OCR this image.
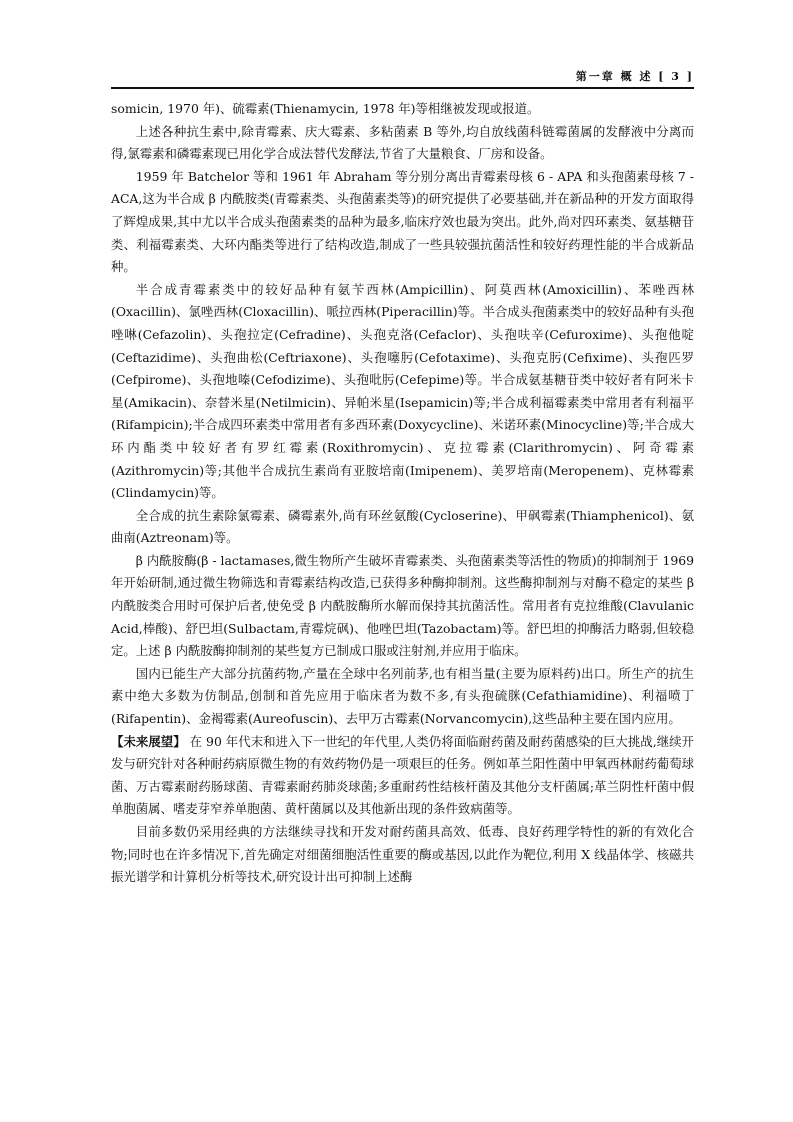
第一章 概 述 [ 3 ]

somicin, 1970 年)、硫霉素(Thienamycin, 1978 年)等相继被发现或报道。

上述各种抗生素中,除青霉素、庆大霉素、多粘菌素 B 等外,均自放线菌科链霉菌属的发酵液中分离而得,氯霉素和磷霉素现已用化学合成法替代发酵法,节省了大量粮食、厂房和设备。

1959 年 Batchelor 等和 1961 年 Abraham 等分别分离出青霉素母核 6 - APA 和头孢菌素母核 7 - ACA,这为半合成 β 内酰胺类(青霉素类、头孢菌素类等)的研究提供了必要基础,并在新品种的开发方面取得了辉煌成果,其中尤以半合成头孢菌素类的品种为最多,临床疗效也最为突出。此外,尚对四环素类、氨基糖苷类、利福霉素类、大环内酯类等进行了结构改造,制成了一些具较强抗菌活性和较好药理性能的半合成新品种。

半合成青霉素类中的较好品种有氨苄西林(Ampicillin)、阿莫西林(Amoxicillin)、苯唑西林(Oxacillin)、氯唑西林(Cloxacillin)、哌拉西林(Piperacillin)等。半合成头孢菌素类中的较好品种有头孢唑啉(Cefazolin)、头孢拉定(Cefradine)、头孢克洛(Cefaclor)、头孢呋辛(Cefuroxime)、头孢他啶(Ceftazidime)、头孢曲松(Ceftriaxone)、头孢噻肟(Cefotaxime)、头孢克肟(Cefixime)、头孢匹罗(Cefpirome)、头孢地嗪(Cefodizime)、头孢吡肟(Cefepime)等。半合成氨基糖苷类中较好者有阿米卡星(Amikacin)、奈替米星(Netilmicin)、异帕米星(Isepamicin)等;半合成利福霉素类中常用者有利福平(Rifampicin);半合成四环素类中常用者有多西环素(Doxycycline)、米诺环素(Minocycline)等;半合成大环内酯类中较好者有罗红霉素(Roxithromycin)、克拉霉素(Clarithromycin)、阿奇霉素(Azithromycin)等;其他半合成抗生素尚有亚胺培南(Imipenem)、美罗培南(Meropenem)、克林霉素(Clindamycin)等。

全合成的抗生素除氯霉素、磷霉素外,尚有环丝氨酸(Cycloserine)、甲砜霉素(Thiamphenicol)、氨曲南(Aztreonam)等。

β 内酰胺酶(β - lactamases,微生物所产生破坏青霉素类、头孢菌素类等活性的物质)的抑制剂于 1969 年开始研制,通过微生物筛选和青霉素结构改造,已获得多种酶抑制剂。这些酶抑制剂与对酶不稳定的某些 β 内酰胺类合用时可保护后者,使免受 β 内酰胺酶所水解而保持其抗菌活性。常用者有克拉维酸(Clavulanic Acid,棒酸)、舒巴坦(Sulbactam,青霉烷砜)、他唑巴坦(Tazobactam)等。舒巴坦的抑酶活力略弱,但较稳定。上述 β 内酰胺酶抑制剂的某些复方已制成口服或注射剂,并应用于临床。

国内已能生产大部分抗菌药物,产量在全球中名列前茅,也有相当量(主要为原料药)出口。所生产的抗生素中绝大多数为仿制品,创制和首先应用于临床者为数不多,有头孢硫脒(Cefathiamidine)、利福喷丁(Rifapentin)、金褐霉素(Aureofuscin)、去甲万古霉素(Norvancomycin),这些品种主要在国内应用。

【未来展望】 在 90 年代末和进入下一世纪的年代里,人类仍将面临耐药菌及耐药菌感染的巨大挑战,继续开发与研究针对各种耐药病原微生物的有效药物仍是一项艰巨的任务。例如革兰阳性菌中甲氧西林耐药葡萄球菌、万古霉素耐药肠球菌、青霉素耐药肺炎球菌;多重耐药性结核杆菌及其他分支杆菌属;革兰阴性杆菌中假单胞菌属、嗜麦芽窄养单胞菌、黄杆菌属以及其他新出现的条件致病菌等。

目前多数仍采用经典的方法继续寻找和开发对耐药菌具高效、低毒、良好药理学特性的新的有效化合物;同时也在许多情况下,首先确定对细菌细胞活性重要的酶或基因,以此作为靶位,利用 X 线晶体学、核磁共振光谱学和计算机分析等技术,研究设计出可抑制上述酶
